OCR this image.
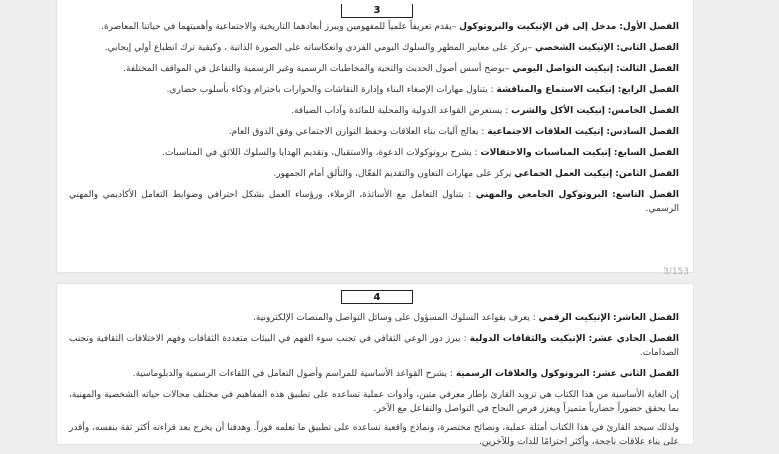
3
الفصل الأول: مدخل إلى فن الإتيكيت والبروتوكول –يقدم تعريفاً علمياً للمفهومين ويبرز أبعادهما التاريخية والاجتماعية وأهميتهما في حياتنا المعاصرة.
الفصل الثاني: الإتيكيت الشخصي –يركز على معايير المظهر والسلوك اليومي الفردي وانعكاساته على الصورة الذاتية ، وكيفية ترك انطباع أولي إيجابي.
الفصل الثالث: إتيكيت التواصل اليومي –يوضح أسس أصول الحديث والتحية والمخاطبات الرسمية وغير الرسمية والتفاعل في المواقف المختلفة.
الفصل الرابع: إتيكيت الاستماع والمناقشة : يتناول مهارات الإصغاء البناء وإدارة النقاشات والحوارات باحترام وذكاء بأسلوب حضاري.
الفصل الخامس: إتيكيت الأكل والشرب : يستعرض القواعد الدولية والمحلية للمائدة وآداب الضيافة.
الفصل السادس: إتيكيت العلاقات الاجتماعية : يعالج آليات بناء العلاقات وحفظ التوازن الاجتماعي وفق الذوق العام.
الفصل السابع: إتيكيت المناسبات والاحتفالات : يشرح بروتوكولات الدعوة، والاستقبال، وتقديم الهدايا والسلوك اللائق في المناسبات.
الفصل الثامن: إتيكيت العمل الجماعي يركز على مهارات التعاون والتقديم الفعّال، والتألق أمام الجمهور.
الفصل التاسع: البروتوكول الجامعي والمهني : يتناول التعامل مع الأساتذة، الزملاء، ورؤساء العمل بشكل احترافي وضوابط التعامل الأكاديمي والمهني الرسمي.
3/153
4
الفصل العاشر: الإتيكيت الرقمي : يعرف بقواعد السلوك المسؤول على وسائل التواصل والمنصات الإلكترونية.
الفصل الحادي عشر: الإتيكيت والثقافات الدولية : يبرز دور الوعي الثقافي في تجنب سوء الفهم في البيئات متعددة الثقافات وفهم الاختلافات الثقافية وتجنب الصدامات.
الفصل الثاني عشر: البروتوكول والعلاقات الرسمية : يشرح القواعد الأساسية للمراسم وأصول التعامل في اللقاءات الرسمية والدبلوماسية.
إن الغاية الأساسية من هذا الكتاب هي تزويد القارئ بإطار معرفي متين، وأدوات عملية تساعده على تطبيق هذه المفاهيم في مختلف مجالات حياته الشخصية والمهنية، بما يحقق حضوراً حضارياً متميزاً ويعزز فرص النجاح في التواصل والتفاعل مع الآخر.
ولذلك سيجد القارئ في هذا الكتاب أمثلة عملية، ونصائح مختصرة، ونماذج واقعية تساعده على تطبيق ما تعلمه فوراً. وهدفنا أن يخرج بعد قراءته أكثر ثقة بنفسه، وأقدر على بناء علاقات ناجحة، وأكثر احترامًا للذات وللآخرين.
